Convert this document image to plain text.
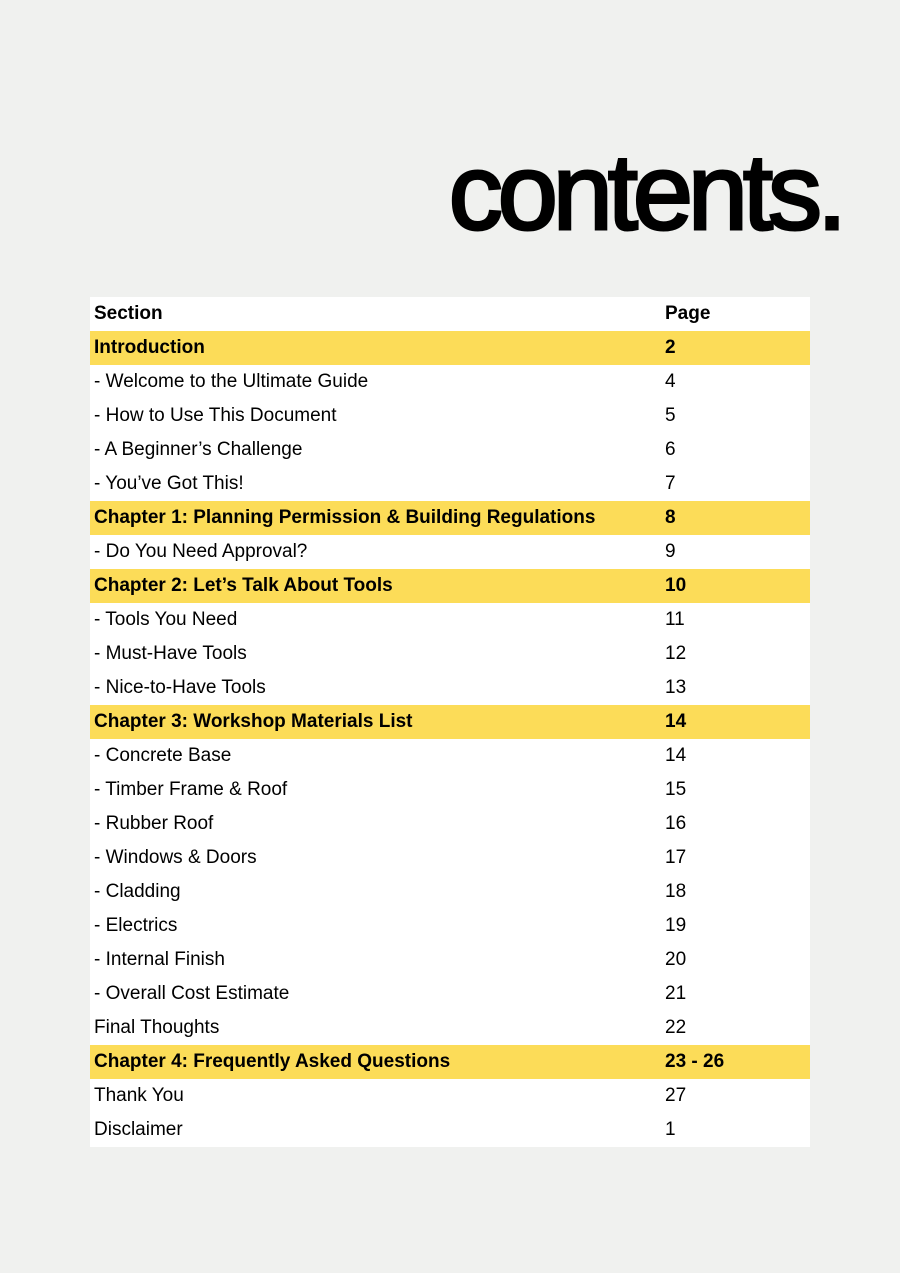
contents.
Section	Page
Introduction	2
- Welcome to the Ultimate Guide	4
- How to Use This Document	5
- A Beginner’s Challenge	6
- You’ve Got This!	7
Chapter 1: Planning Permission & Building Regulations	8
- Do You Need Approval?	9
Chapter 2: Let’s Talk About Tools	10
- Tools You Need	11
- Must-Have Tools	12
- Nice-to-Have Tools	13
Chapter 3: Workshop Materials List	14
- Concrete Base	14
- Timber Frame & Roof	15
- Rubber Roof	16
- Windows & Doors	17
- Cladding	18
- Electrics	19
- Internal Finish	20
- Overall Cost Estimate	21
Final Thoughts	22
Chapter 4: Frequently Asked Questions	23 - 26
Thank You	27
Disclaimer	1
